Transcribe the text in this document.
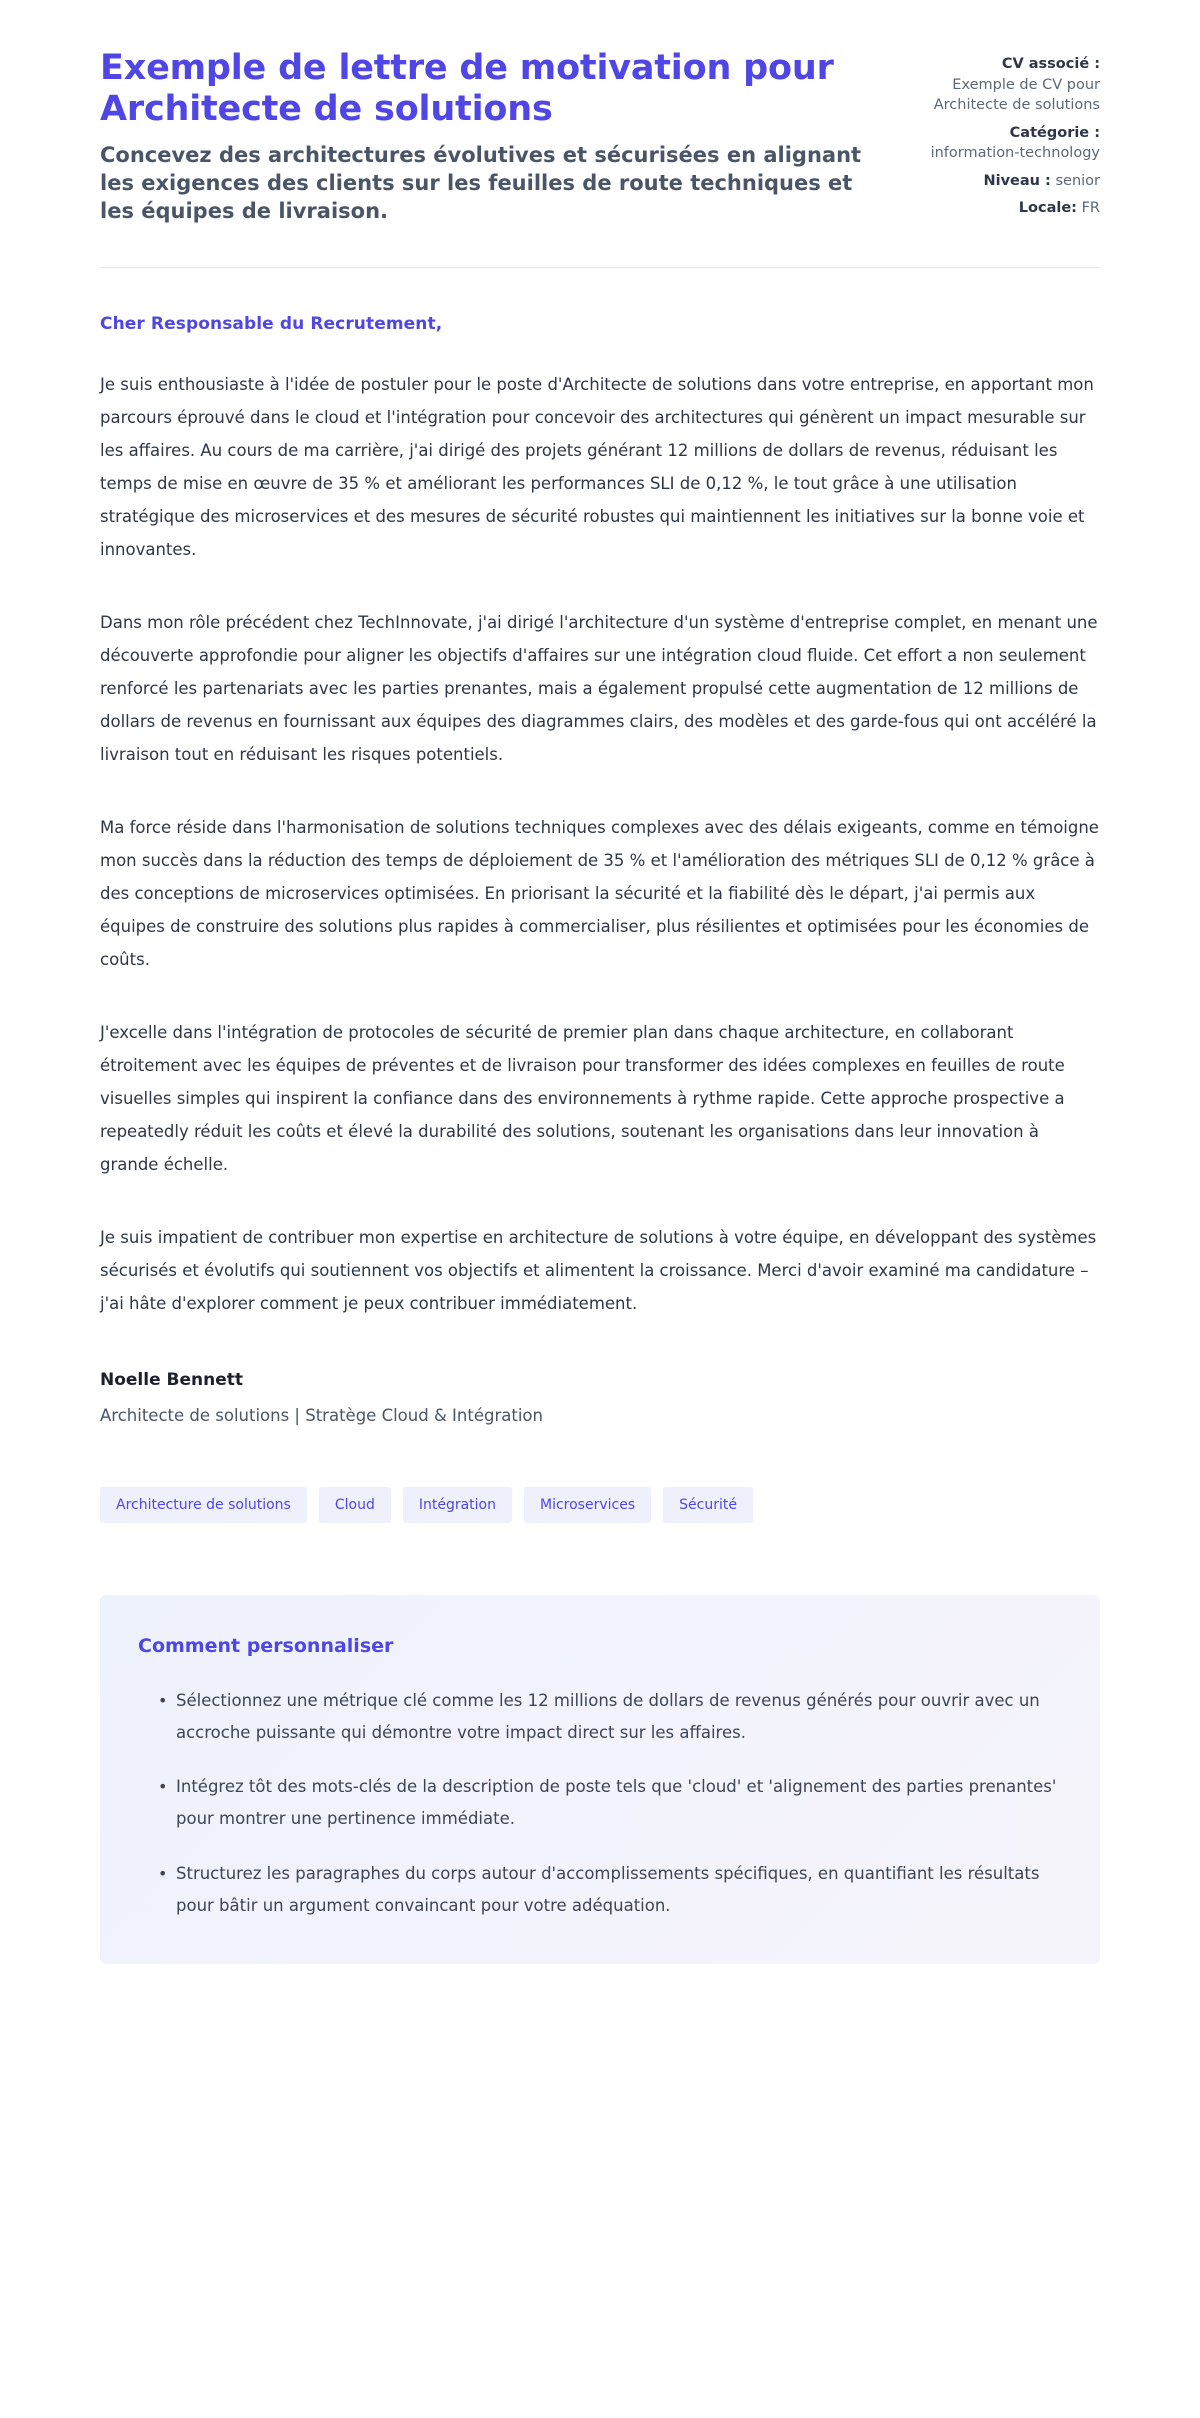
Exemple de lettre de motivation pour Architecte de solutions

Concevez des architectures évolutives et sécurisées en alignant les exigences des clients sur les feuilles de route techniques et les équipes de livraison.

CV associé :
Exemple de CV pour Architecte de solutions
Catégorie :
information-technology
Niveau : senior
Locale: FR

Cher Responsable du Recrutement,

Je suis enthousiaste à l'idée de postuler pour le poste d'Architecte de solutions dans votre entreprise, en apportant mon parcours éprouvé dans le cloud et l'intégration pour concevoir des architectures qui génèrent un impact mesurable sur les affaires. Au cours de ma carrière, j'ai dirigé des projets générant 12 millions de dollars de revenus, réduisant les temps de mise en œuvre de 35 % et améliorant les performances SLI de 0,12 %, le tout grâce à une utilisation stratégique des microservices et des mesures de sécurité robustes qui maintiennent les initiatives sur la bonne voie et innovantes.

Dans mon rôle précédent chez TechInnovate, j'ai dirigé l'architecture d'un système d'entreprise complet, en menant une découverte approfondie pour aligner les objectifs d'affaires sur une intégration cloud fluide. Cet effort a non seulement renforcé les partenariats avec les parties prenantes, mais a également propulsé cette augmentation de 12 millions de dollars de revenus en fournissant aux équipes des diagrammes clairs, des modèles et des garde-fous qui ont accéléré la livraison tout en réduisant les risques potentiels.

Ma force réside dans l'harmonisation de solutions techniques complexes avec des délais exigeants, comme en témoigne mon succès dans la réduction des temps de déploiement de 35 % et l'amélioration des métriques SLI de 0,12 % grâce à des conceptions de microservices optimisées. En priorisant la sécurité et la fiabilité dès le départ, j'ai permis aux équipes de construire des solutions plus rapides à commercialiser, plus résilientes et optimisées pour les économies de coûts.

J'excelle dans l'intégration de protocoles de sécurité de premier plan dans chaque architecture, en collaborant étroitement avec les équipes de préventes et de livraison pour transformer des idées complexes en feuilles de route visuelles simples qui inspirent la confiance dans des environnements à rythme rapide. Cette approche prospective a repeatedly réduit les coûts et élevé la durabilité des solutions, soutenant les organisations dans leur innovation à grande échelle.

Je suis impatient de contribuer mon expertise en architecture de solutions à votre équipe, en développant des systèmes sécurisés et évolutifs qui soutiennent vos objectifs et alimentent la croissance. Merci d'avoir examiné ma candidature – j'ai hâte d'explorer comment je peux contribuer immédiatement.

Noelle Bennett

Architecte de solutions | Stratège Cloud & Intégration

Architecture de solutions	Cloud	Intégration	Microservices	Sécurité
Comment personnaliser
• Sélectionnez une métrique clé comme les 12 millions de dollars de revenus générés pour ouvrir avec un accroche puissante qui démontre votre impact direct sur les affaires.
• Intégrez tôt des mots-clés de la description de poste tels que 'cloud' et 'alignement des parties prenantes' pour montrer une pertinence immédiate.
• Structurez les paragraphes du corps autour d'accomplissements spécifiques, en quantifiant les résultats pour bâtir un argument convaincant pour votre adéquation.
